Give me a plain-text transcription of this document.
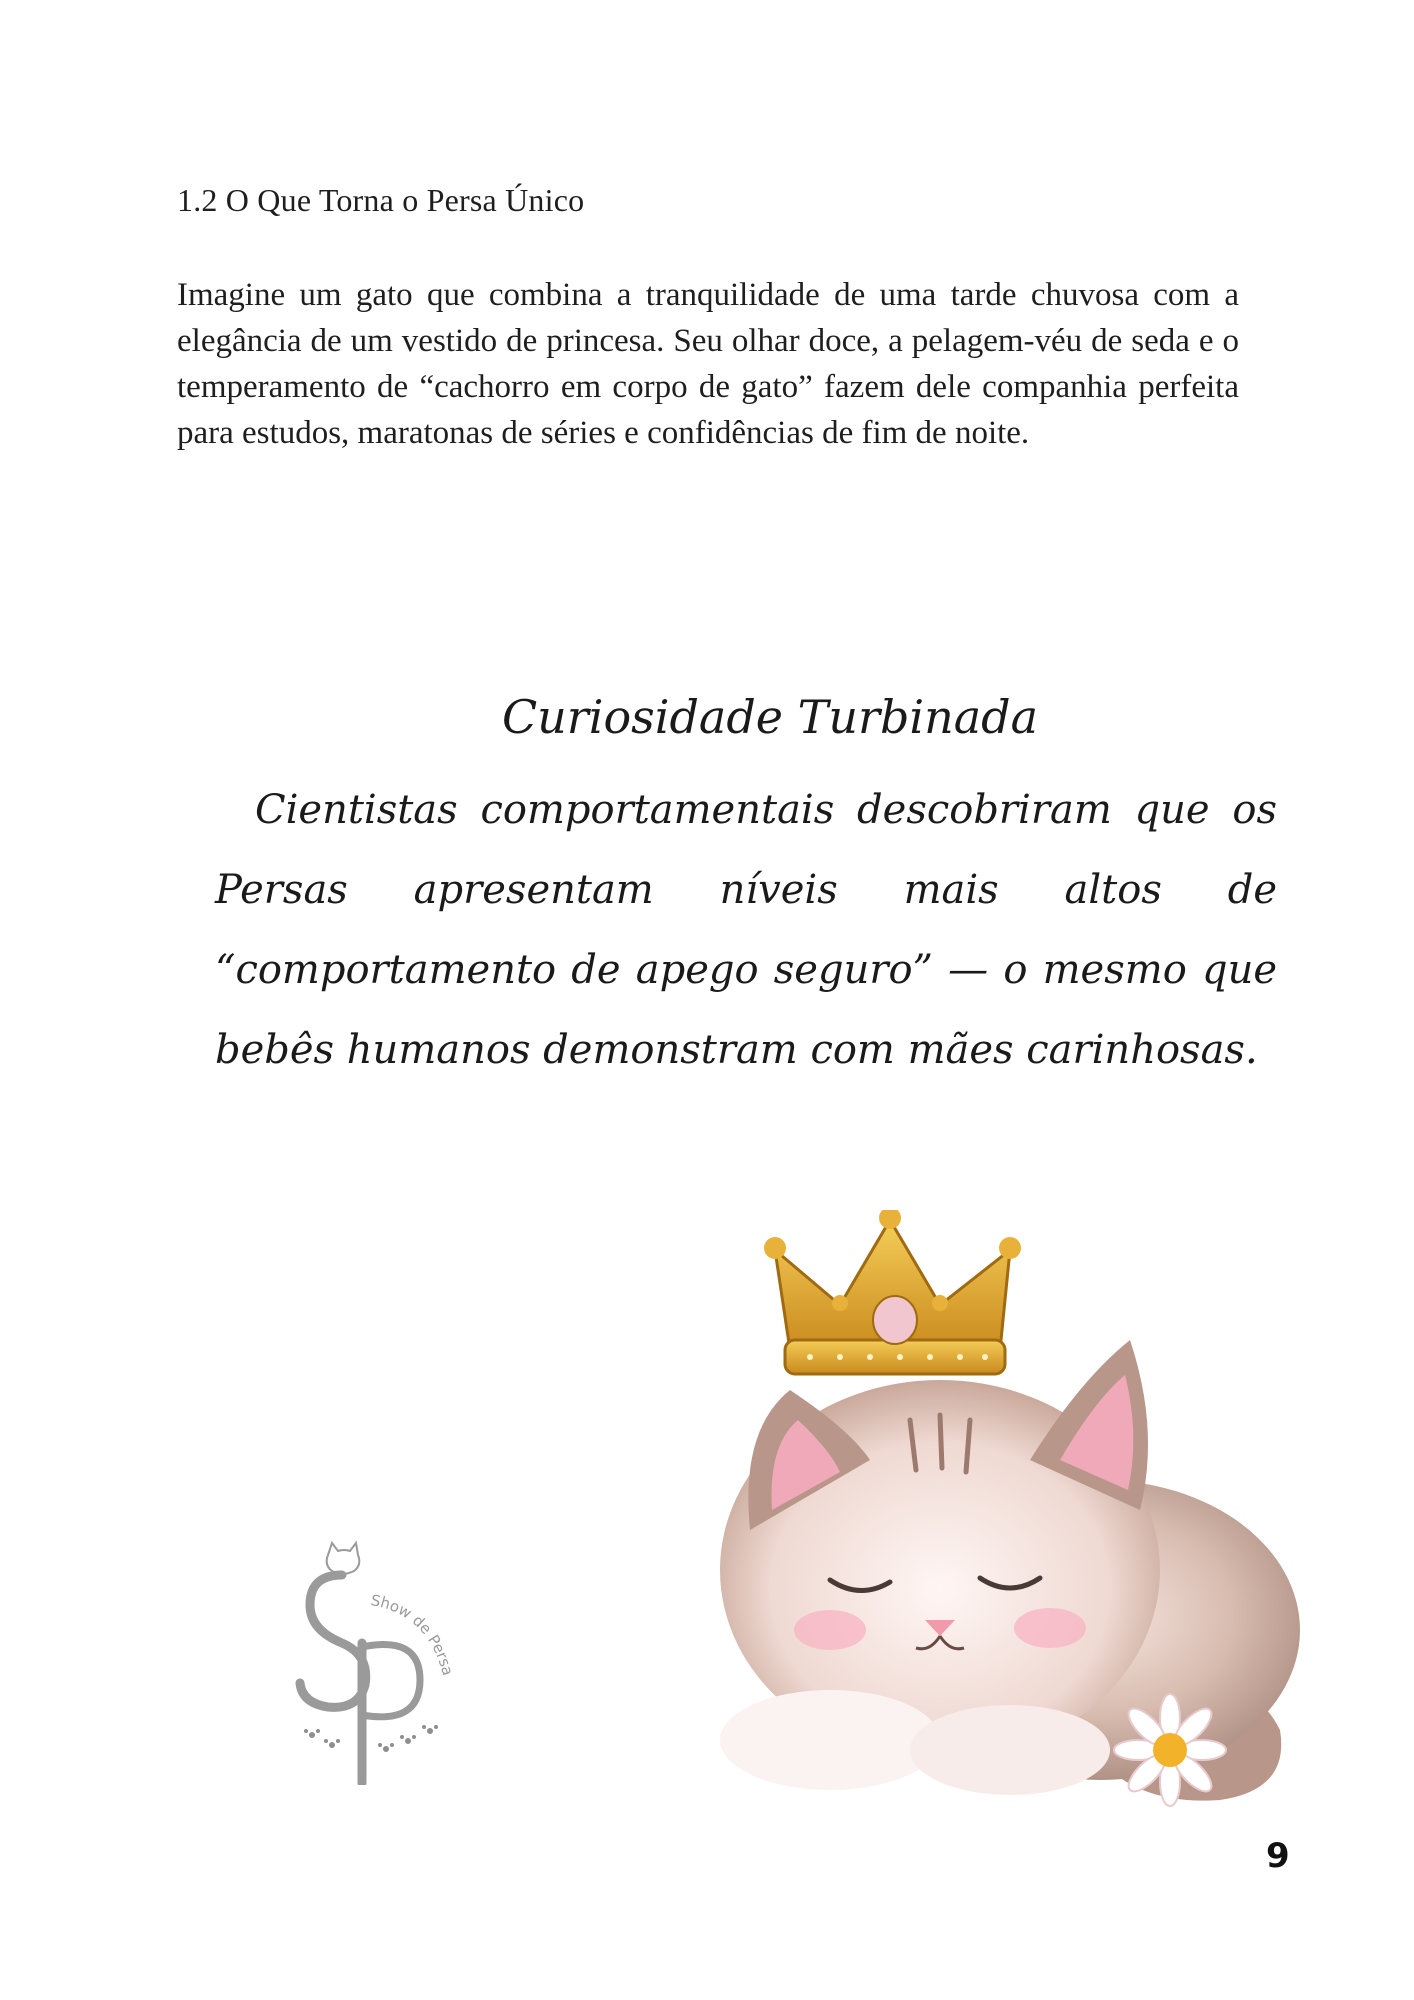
1.2 O Que Torna o Persa Único

Imagine um gato que combina a tranquilidade de uma tarde chuvosa com a elegância de um vestido de princesa. Seu olhar doce, a pelagem-véu de seda e o temperamento de “cachorro em corpo de gato” fazem dele companhia perfeita para estudos, maratonas de séries e confidências de fim de noite.

Curiosidade Turbinada

Cientistas comportamentais descobriram que os Persas apresentam níveis mais altos de “comportamento de apego seguro” — o mesmo que bebês humanos demonstram com mães carinhosas.

Show de Persa
9
